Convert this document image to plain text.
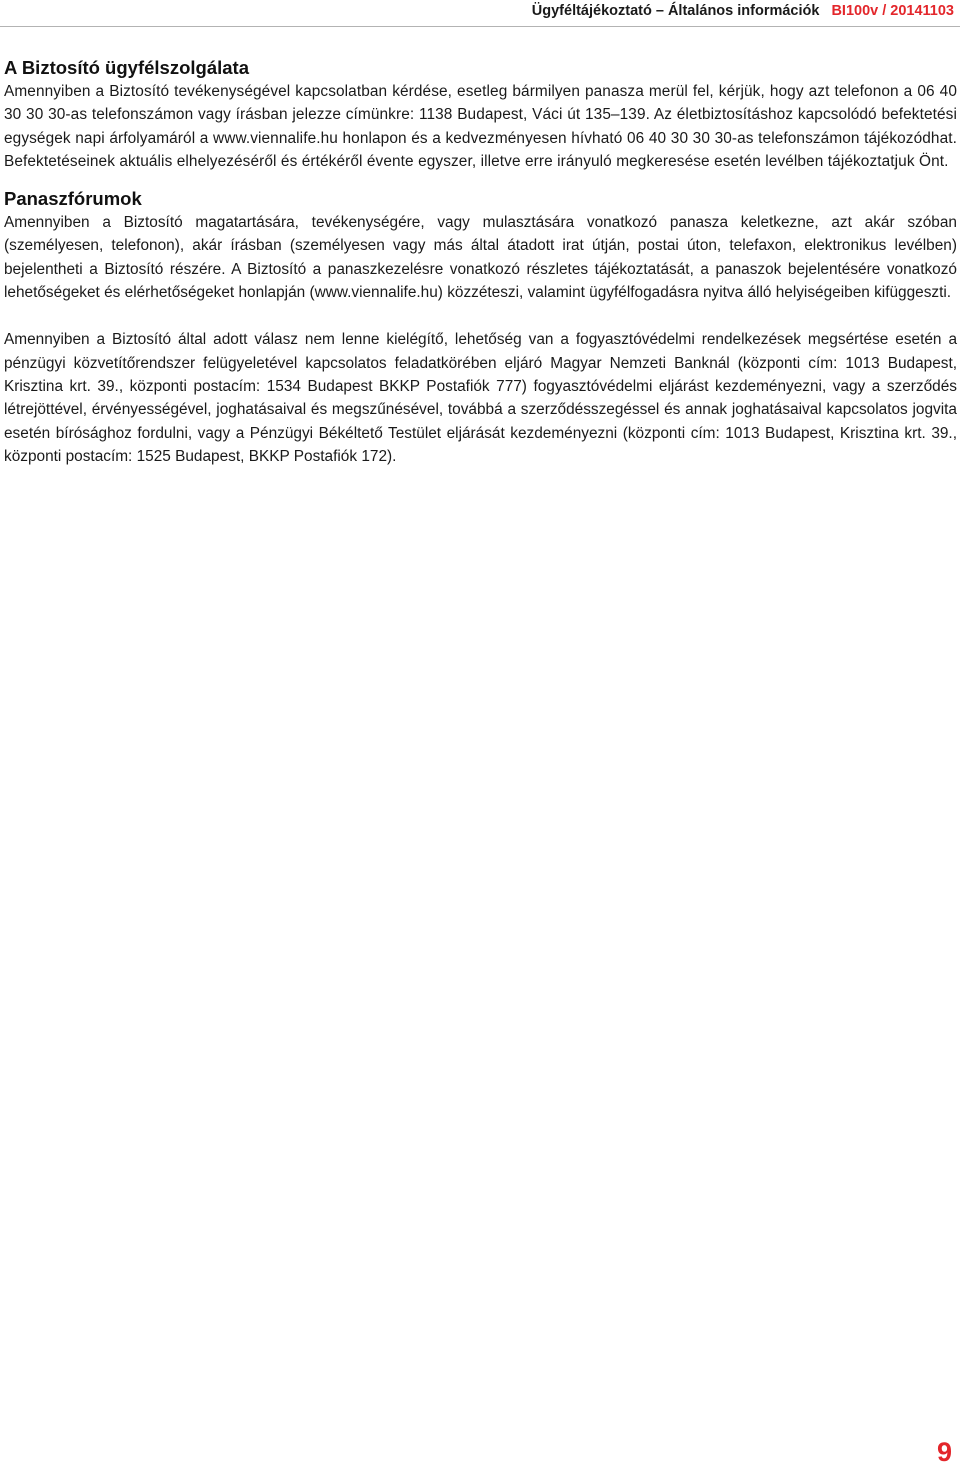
Ügyféltájékoztató – Általános információk BI100v / 20141103
A Biztosító ügyfélszolgálata

Amennyiben a Biztosító tevékenységével kapcsolatban kérdése, esetleg bármilyen panasza merül fel, kérjük, hogy azt telefonon a 06 40 30 30 30-as telefonszámon vagy írásban jelezze címünkre: 1138 Budapest, Váci út 135–139. Az életbiztosításhoz kapcsolódó befektetési egységek napi árfolyamáról a www.viennalife.hu honlapon és a kedvezményesen hívható 06 40 30 30 30-as telefonszámon tájékozódhat. Befektetéseinek aktuális elhelyezéséről és értékéről évente egyszer, illetve erre irányuló megkeresése esetén levélben tájékoztatjuk Önt.

Panaszfórumok

Amennyiben a Biztosító magatartására, tevékenységére, vagy mulasztására vonatkozó panasza keletkezne, azt akár szóban (személyesen, telefonon), akár írásban (személyesen vagy más által átadott irat útján, postai úton, telefaxon, elektronikus levélben) bejelentheti a Biztosító részére. A Biztosító a panaszkezelésre vonatkozó részletes tájékoztatását, a panaszok bejelentésére vonatkozó lehetőségeket és elérhetőségeket honlapján (www.viennalife.hu) közzéteszi, valamint ügyfélfogadásra nyitva álló helyiségeiben kifüggeszti.

Amennyiben a Biztosító által adott válasz nem lenne kielégítő, lehetőség van a fogyasztóvédelmi rendelkezések megsértése esetén a pénzügyi közvetítőrendszer felügyeletével kapcsolatos feladatkörében eljáró Magyar Nemzeti Banknál (központi cím: 1013 Budapest, Krisztina krt. 39., központi postacím: 1534 Budapest BKKP Postafiók 777) fogyasztóvédelmi eljárást kezdeményezni, vagy a szerződés létrejöttével, érvényességével, joghatásaival és megszűnésével, továbbá a szerződésszegéssel és annak joghatásaival kapcsolatos jogvita esetén bírósághoz fordulni, vagy a Pénzügyi Békéltető Testület eljárását kezdeményezni (központi cím: 1013 Budapest, Krisztina krt. 39., központi postacím: 1525 Budapest, BKKP Postafiók 172).

9
